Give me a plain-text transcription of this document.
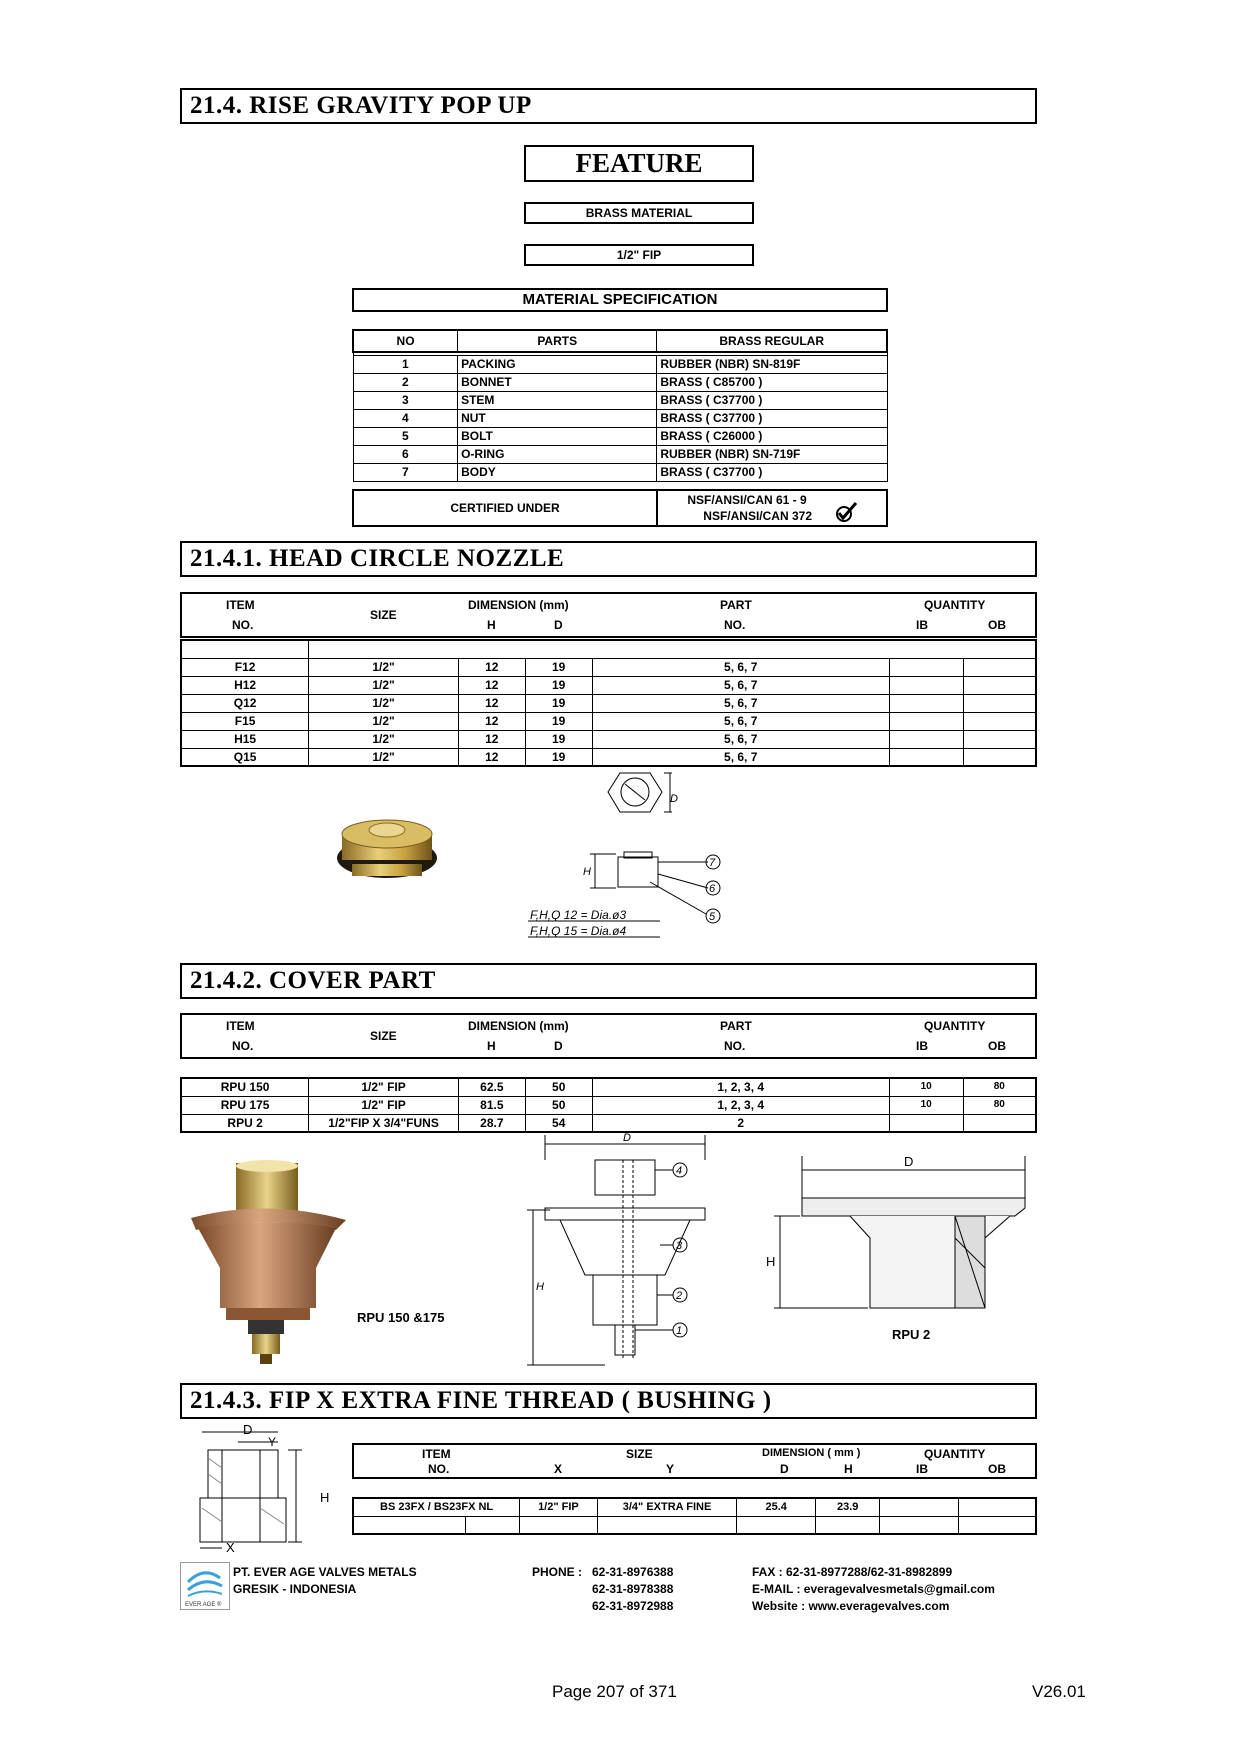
21.4. RISE GRAVITY POP UP
FEATURE
BRASS MATERIAL
1/2" FIP
MATERIAL SPECIFICATION
NO	PARTS	BRASS REGULAR

1	PACKING	RUBBER (NBR) SN-819F
2	BONNET	BRASS ( C85700 )
3	STEM	BRASS ( C37700 )
4	NUT	BRASS ( C37700 )
5	BOLT	BRASS ( C26000 )
6	O-RING	RUBBER (NBR) SN-719F
7	BODY	BRASS ( C37700 )
CERTIFIED UNDER
NSF/ANSI/CAN 61 - 9
NSF/ANSI/CAN 372
21.4.1. HEAD CIRCLE NOZZLE
ITEM
NO.
SIZE
DIMENSION (mm)
H	D
PART
NO.
QUANTITY
IB	OB

F12	1/2"	12	19	5, 6, 7		
H12	1/2"	12	19	5, 6, 7		
Q12	1/2"	12	19	5, 6, 7		
F15	1/2"	12	19	5, 6, 7		
H15	1/2"	12	19	5, 6, 7		
Q15	1/2"	12	19	5, 6, 7		
D
H
7
6
5
F,H,Q 12 = Dia.ø3
F,H,Q 15 = Dia.ø4
21.4.2. COVER PART
ITEM
NO.
SIZE
DIMENSION (mm)
H	D
PART
NO.
QUANTITY
IB	OB
RPU 150	1/2" FIP	62.5	50	1, 2, 3, 4	10	80
RPU 175	1/2" FIP	81.5	50	1, 2, 3, 4	10	80
RPU 2	1/2"FIP X 3/4"FUNS	28.7	54	2		
RPU 150 &175
D
H
4
3
2
1
D
H
RPU 2
21.4.3. FIP X EXTRA FINE THREAD ( BUSHING )
D
Y
H
X
ITEM
NO.
SIZE
X	Y
DIMENSION ( mm )
D	H
QUANTITY
IB	OB
BS 23FX / BS23FX NL		1/2" FIP	3/4" EXTRA FINE	25.4	23.9		

EVER AGE ®
PT. EVER AGE VALVES METALS
GRESIK - INDONESIA
PHONE : 62-31-8976388
62-31-8978388
62-31-8972988
FAX : 62-31-8977288/62-31-8982899
E-MAIL : everagevalvesmetals@gmail.com
Website : www.everagevalves.com
Page 207 of 371	V26.01
